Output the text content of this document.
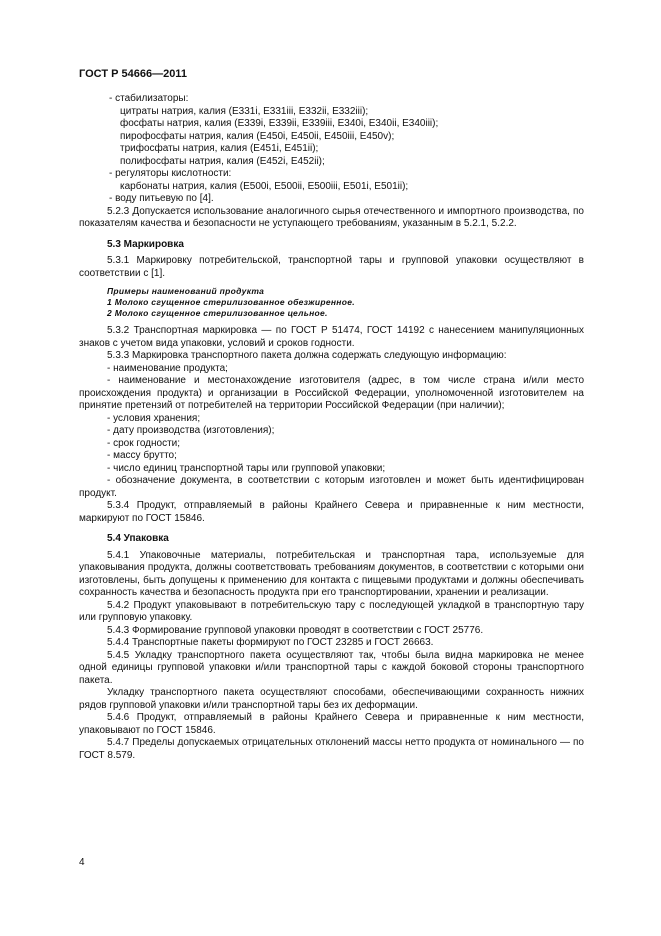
ГОСТ Р 54666—2011

- стабилизаторы:

цитраты натрия, калия (E331i, E331iii, E332ii, E332iii);

фосфаты натрия, калия (E339i, E339ii, E339iii, E340i, E340ii, E340iii);

пирофосфаты натрия, калия (E450i, E450ii, E450iii, E450v);

трифосфаты натрия, калия (E451i, E451ii);

полифосфаты натрия, калия (E452i, E452ii);

- регуляторы кислотности:

карбонаты натрия, калия (E500i, E500ii, E500iii, E501i, E501ii);

- воду питьевую по [4].

5.2.3 Допускается использование аналогичного сырья отечественного и импортного производства, по показателям качества и безопасности не уступающего требованиям, указанным в 5.2.1, 5.2.2.

5.3 Маркировка

5.3.1 Маркировку потребительской, транспортной тары и групповой упаковки осуществляют в соответствии с [1].

Примеры наименований продукта

1 Молоко сгущенное стерилизованное обезжиренное.

2 Молоко сгущенное стерилизованное цельное.

5.3.2 Транспортная маркировка — по ГОСТ Р 51474, ГОСТ 14192 с нанесением манипуляционных знаков с учетом вида упаковки, условий и сроков годности.

5.3.3 Маркировка транспортного пакета должна содержать следующую информацию:

- наименование продукта;

- наименование и местонахождение изготовителя (адрес, в том числе страна и/или место происхождения продукта) и организации в Российской Федерации, уполномоченной изготовителем на принятие претензий от потребителей на территории Российской Федерации (при наличии);

- условия хранения;

- дату производства (изготовления);

- срок годности;

- массу брутто;

- число единиц транспортной тары или групповой упаковки;

- обозначение документа, в соответствии с которым изготовлен и может быть идентифицирован продукт.

5.3.4 Продукт, отправляемый в районы Крайнего Севера и приравненные к ним местности, маркируют по ГОСТ 15846.

5.4 Упаковка

5.4.1 Упаковочные материалы, потребительская и транспортная тара, используемые для упаковывания продукта, должны соответствовать требованиям документов, в соответствии с которыми они изготовлены, быть допущены к применению для контакта с пищевыми продуктами и должны обеспечивать сохранность качества и безопасность продукта при его транспортировании, хранении и реализации.

5.4.2 Продукт упаковывают в потребительскую тару с последующей укладкой в транспортную тару или групповую упаковку.

5.4.3 Формирование групповой упаковки проводят в соответствии с ГОСТ 25776.

5.4.4 Транспортные пакеты формируют по ГОСТ 23285 и ГОСТ 26663.

5.4.5 Укладку транспортного пакета осуществляют так, чтобы была видна маркировка не менее одной единицы групповой упаковки и/или транспортной тары с каждой боковой стороны транспортного пакета.

Укладку транспортного пакета осуществляют способами, обеспечивающими сохранность нижних рядов групповой упаковки и/или транспортной тары без их деформации.

5.4.6 Продукт, отправляемый в районы Крайнего Севера и приравненные к ним местности, упаковывают по ГОСТ 15846.

5.4.7 Пределы допускаемых отрицательных отклонений массы нетто продукта от номинального — по ГОСТ 8.579.

4
